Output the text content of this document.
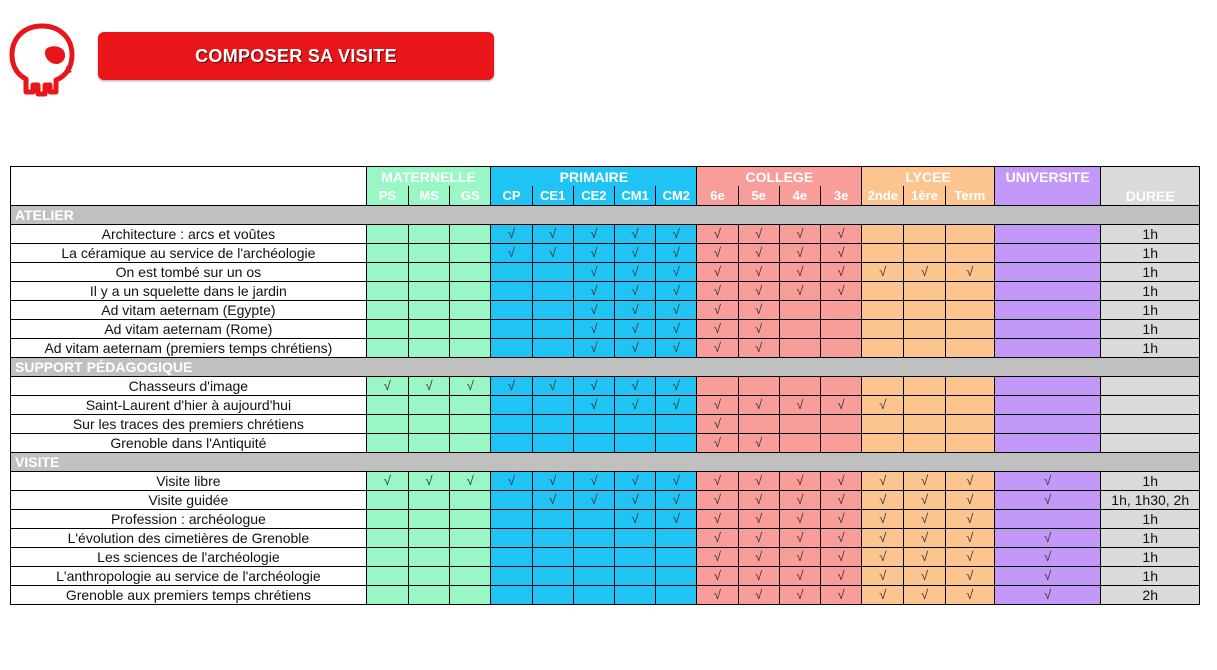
COMPOSER SA VISITE
	MATERNELLE			PRIMAIRE					COLLEGE				LYCEE			UNIVERSITE	DUREE
	PS	MS	GS	CP	CE1	CE2	CM1	CM2	6e	5e	4e	3e	2nde	1ère	Term		
ATELIER																	
Architecture : arcs et voûtes				√	√	√	√	√	√	√	√	√					1h
La céramique au service de l'archéologie				√	√	√	√	√	√	√	√	√					1h
On est tombé sur un os						√	√	√	√	√	√	√	√	√	√		1h
Il y a un squelette dans le jardin						√	√	√	√	√	√	√					1h
Ad vitam aeternam (Egypte)						√	√	√	√	√							1h
Ad vitam aeternam (Rome)						√	√	√	√	√							1h
Ad vitam aeternam (premiers temps chrétiens)						√	√	√	√	√							1h
SUPPORT PÉDAGOGIQUE																	
Chasseurs d'image	√	√	√	√	√	√	√	√									
Saint-Laurent d'hier à aujourd'hui						√	√	√	√	√	√	√	√				
Sur les traces des premiers chrétiens									√								
Grenoble dans l'Antiquité									√	√							
VISITE																	
Visite libre	√	√	√	√	√	√	√	√	√	√	√	√	√	√	√	√	1h
Visite guidée					√	√	√	√	√	√	√	√	√	√	√	√	1h, 1h30, 2h
Profession : archéologue							√	√	√	√	√	√	√	√	√		1h
L'évolution des cimetières de Grenoble									√	√	√	√	√	√	√	√	1h
Les sciences de l'archéologie									√	√	√	√	√	√	√	√	1h
L'anthropologie au service de l'archéologie									√	√	√	√	√	√	√	√	1h
Grenoble aux premiers temps chrétiens									√	√	√	√	√	√	√	√	2h
